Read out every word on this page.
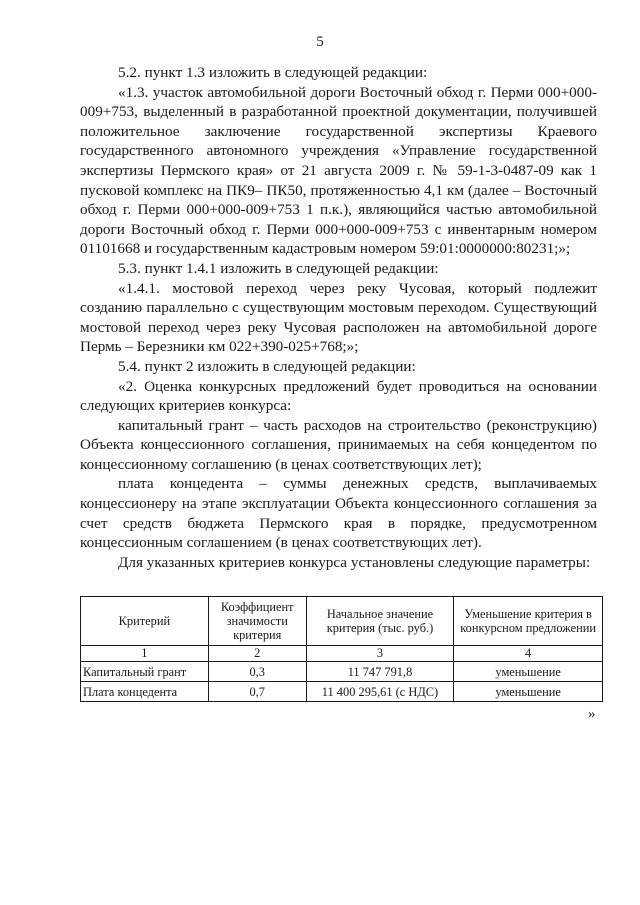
5

5.2. пункт 1.3 изложить в следующей редакции:

«1.3. участок автомобильной дороги Восточный обход г. Перми 000+000-009+753, выделенный в разработанной проектной документации, получившей положительное заключение государственной экспертизы Краевого государственного автономного учреждения «Управление государственной экспертизы Пермского края» от 21 августа 2009 г. № 59-1-3-0487-09 как 1 пусковой комплекс на ПК9– ПК50, протяженностью 4,1 км (далее – Восточный обход г. Перми 000+000-009+753 1 п.к.), являющийся частью автомобильной дороги Восточный обход г. Перми 000+000-009+753 с инвентарным номером 01101668 и государственным кадастровым номером 59:01:0000000:80231;»;

5.3. пункт 1.4.1 изложить в следующей редакции:

«1.4.1. мостовой переход через реку Чусовая, который подлежит созданию параллельно с существующим мостовым переходом. Существующий мостовой переход через реку Чусовая расположен на автомобильной дороге Пермь – Березники км 022+390-025+768;»;

5.4. пункт 2 изложить в следующей редакции:

«2. Оценка конкурсных предложений будет проводиться на основании следующих критериев конкурса:

капитальный грант – часть расходов на строительство (реконструкцию) Объекта концессионного соглашения, принимаемых на себя концедентом по концессионному соглашению (в ценах соответствующих лет);

плата концедента – суммы денежных средств, выплачиваемых концессионеру на этапе эксплуатации Объекта концессионного соглашения за счет средств бюджета Пермского края в порядке, предусмотренном концессионным соглашением (в ценах соответствующих лет).

Для указанных критериев конкурса установлены следующие параметры:

Критерий	Коэффициент значимости критерия	Начальное значение критерия (тыс. руб.)	Уменьшение критерия в конкурсном предложении
1	2	3	4
Капитальный грант	0,3	11 747 791,8	уменьшение
Плата концедента	0,7	11 400 295,61 (с НДС)	уменьшение
»
